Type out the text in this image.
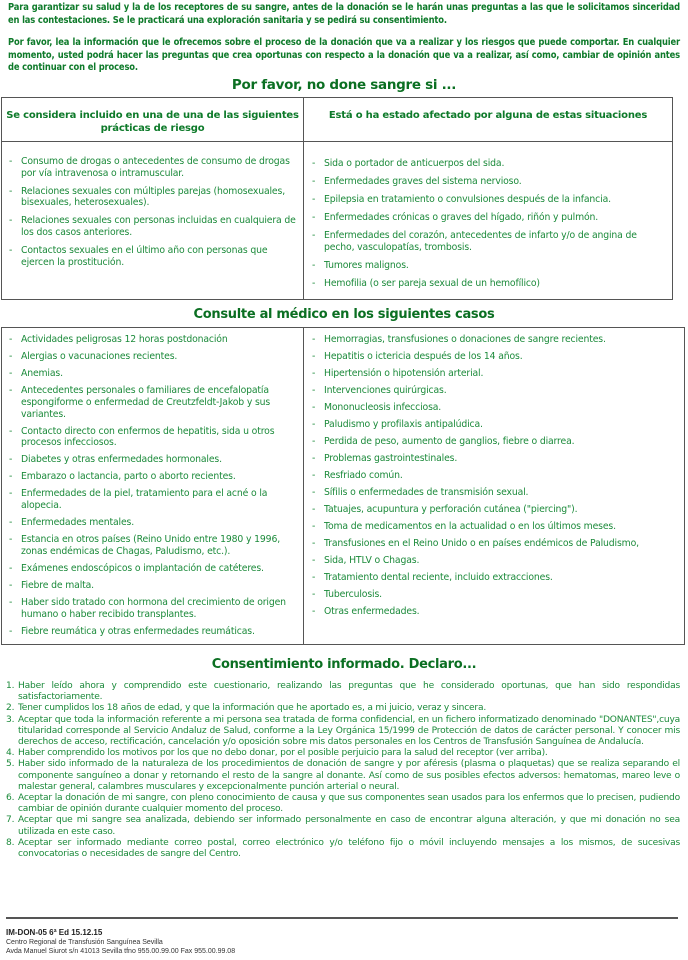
Para garantizar su salud y la de los receptores de su sangre, antes de la donación se le harán unas preguntas a las que le solicitamos sinceridad en las contestaciones. Se le practicará una exploración sanitaria y se pedirá su consentimiento.
Por favor, lea la información que le ofrecemos sobre el proceso de la donación que va a realizar y los riesgos que puede comportar. En cualquier momento, usted podrá hacer las preguntas que crea oportunas con respecto a la donación que va a realizar, así como, cambiar de opinión antes de continuar con el proceso.
Por favor, no done sangre si ...
Se considera incluido en una de una de las siguientes prácticas de riesgo
Está o ha estado afectado por alguna de estas situaciones
- Consumo de drogas o antecedentes de consumo de drogas por vía intravenosa o intramuscular.
- Relaciones sexuales con múltiples parejas (homosexuales, bisexuales, heterosexuales).
- Relaciones sexuales con personas incluidas en cualquiera de los dos casos anteriores.
- Contactos sexuales en el último año con personas que ejercen la prostitución.
- Sida o portador de anticuerpos del sida.
- Enfermedades graves del sistema nervioso.
- Epilepsia en tratamiento o convulsiones después de la infancia.
- Enfermedades crónicas o graves del hígado, riñón y pulmón.
- Enfermedades del corazón, antecedentes de infarto y/o de angina de pecho, vasculopatías, trombosis.
- Tumores malignos.
- Hemofilia (o ser pareja sexual de un hemofílico)
Consulte al médico en los siguientes casos
- Actividades peligrosas 12 horas postdonación
- Alergias o vacunaciones recientes.
- Anemias.
- Antecedentes personales o familiares de encefalopatía espongiforme o enfermedad de Creutzfeldt-Jakob y sus variantes.
- Contacto directo con enfermos de hepatitis, sida u otros procesos infecciosos.
- Diabetes y otras enfermedades hormonales.
- Embarazo o lactancia, parto o aborto recientes.
- Enfermedades de la piel, tratamiento para el acné o la alopecia.
- Enfermedades mentales.
- Estancia en otros países (Reino Unido entre 1980 y 1996, zonas endémicas de Chagas, Paludismo, etc.).
- Exámenes endoscópicos o implantación de catéteres.
- Fiebre de malta.
- Haber sido tratado con hormona del crecimiento de origen humano o haber recibido transplantes.
- Fiebre reumática y otras enfermedades reumáticas.
- Hemorragias, transfusiones o donaciones de sangre recientes.
- Hepatitis o ictericia después de los 14 años.
- Hipertensión o hipotensión arterial.
- Intervenciones quirúrgicas.
- Mononucleosis infecciosa.
- Paludismo y profilaxis antipalúdica.
- Perdida de peso, aumento de ganglios, fiebre o diarrea.
- Problemas gastrointestinales.
- Resfriado común.
- Sífilis o enfermedades de transmisión sexual.
- Tatuajes, acupuntura y perforación cutánea ("piercing").
- Toma de medicamentos en la actualidad o en los últimos meses.
- Transfusiones en el Reino Unido o en países endémicos de Paludismo,
- Sida, HTLV o Chagas.
- Tratamiento dental reciente, incluido extracciones.
- Tuberculosis.
- Otras enfermedades.
Consentimiento informado. Declaro...
1. Haber leído ahora y comprendido este cuestionario, realizando las preguntas que he considerado oportunas, que han sido respondidas satisfactoriamente.
2. Tener cumplidos los 18 años de edad, y que la información que he aportado es, a mi juicio, veraz y sincera.
3. Aceptar que toda la información referente a mi persona sea tratada de forma confidencial, en un fichero informatizado denominado "DONANTES",cuya titularidad corresponde al Servicio Andaluz de Salud, conforme a la Ley Orgánica 15/1999 de Protección de datos de carácter personal. Y conocer mis derechos de acceso, rectificación, cancelación y/o oposición sobre mis datos personales en los Centros de Transfusión Sanguínea de Andalucía.
4. Haber comprendido los motivos por los que no debo donar, por el posible perjuicio para la salud del receptor (ver arriba).
5. Haber sido informado de la naturaleza de los procedimientos de donación de sangre y por aféresis (plasma o plaquetas) que se realiza separando el componente sanguíneo a donar y retornando el resto de la sangre al donante. Así como de sus posibles efectos adversos: hematomas, mareo leve o malestar general, calambres musculares y excepcionalmente punción arterial o neural.
6. Aceptar la donación de mi sangre, con pleno conocimiento de causa y que sus componentes sean usados para los enfermos que lo precisen, pudiendo cambiar de opinión durante cualquier momento del proceso.
7. Aceptar que mi sangre sea analizada, debiendo ser informado personalmente en caso de encontrar alguna alteración, y que mi donación no sea utilizada en este caso.
8. Aceptar ser informado mediante correo postal, correo electrónico y/o teléfono fijo o móvil incluyendo mensajes a los mismos, de sucesivas convocatorias o necesidades de sangre del Centro.
IM-DON-05 6ª Ed 15.12.15
Centro Regional de Transfusión Sanguínea Sevilla
Avda Manuel Siurot s/n 41013 Sevilla tfno 955.00.99.00 Fax 955.00.99.08
